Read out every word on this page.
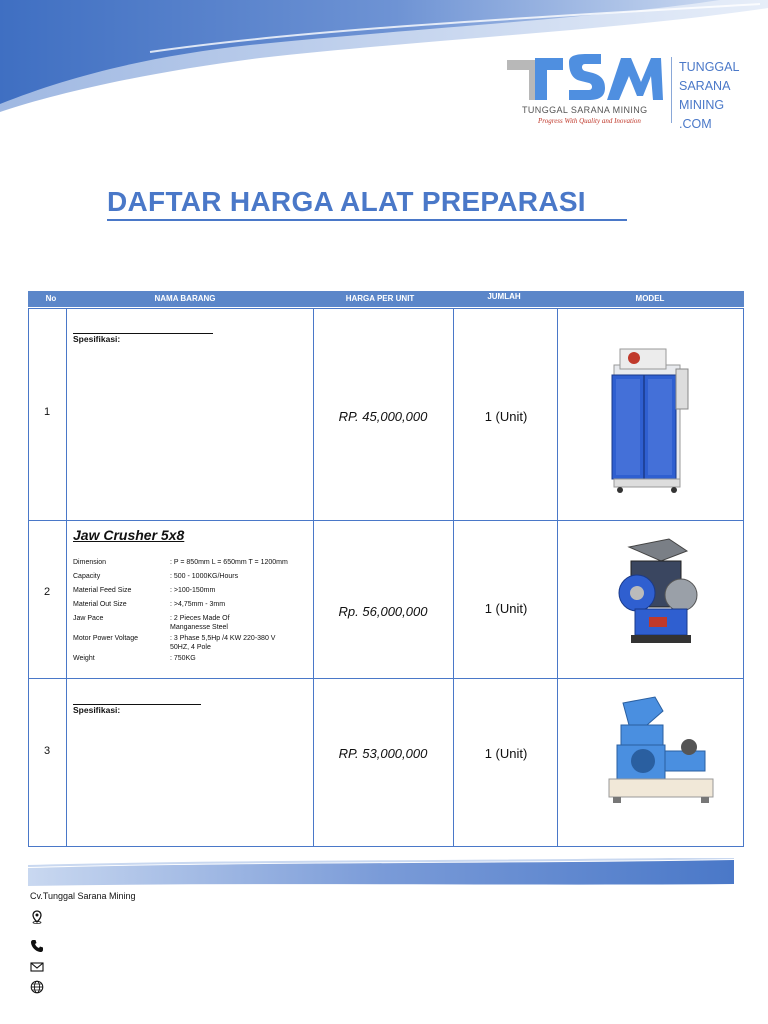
TUNGGAL SARANA MINING
Progress With Quality and Inovation
TUNGGAL
SARANA
MINING
.COM
DAFTAR HARGA ALAT PREPARASI
No	NAMA BARANG	HARGA PER UNIT	JUMLAH	MODEL
1
Spesifikasi:
RP. 45,000,000	1 (Unit)
2
Jaw Crusher 5x8
Dimension	: P = 850mm L = 650mm T = 1200mm
Capacity	: 500 - 1000KG/Hours
Material Feed Size	: >100-150mm
Material Out Size	: >4,75mm - 3mm
Jaw Pace	: 2 Pieces Made Of
Manganesse Steel
Motor Power Voltage	: 3 Phase 5,5Hp /4 KW 220-380 V
50HZ, 4 Pole
Weight	: 750KG
Rp. 56,000,000	1 (Unit)
3
Spesifikasi:
RP. 53,000,000	1 (Unit)
Cv.Tunggal Sarana Mining
